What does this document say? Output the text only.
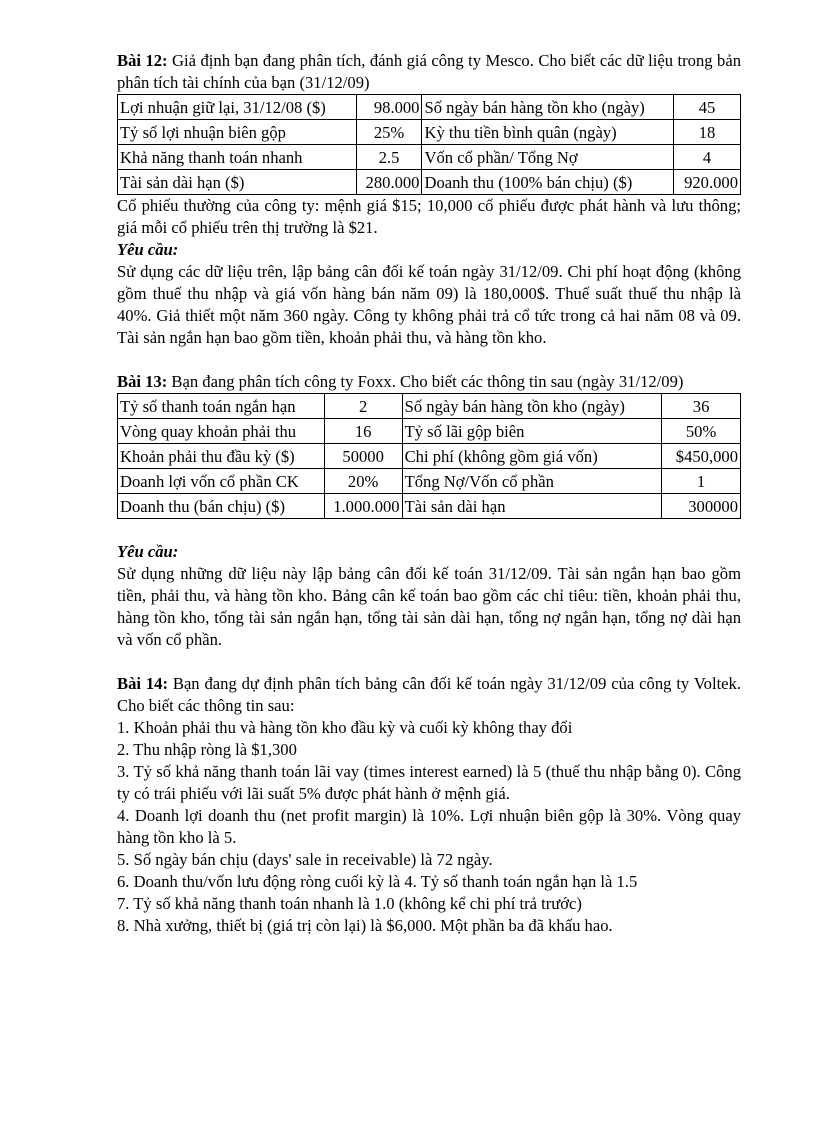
Bài 12: Giả định bạn đang phân tích, đánh giá công ty Mesco. Cho biết các dữ liệu trong bản phân tích tài chính của bạn (31/12/09)

Lợi nhuận giữ lại, 31/12/08 ($)	98.000	Số ngày bán hàng tồn kho (ngày)	45
Tỷ số lợi nhuận biên gộp	25%	Kỳ thu tiền bình quân (ngày)	18
Khả năng thanh toán nhanh	2.5	Vốn cổ phần/ Tổng Nợ	4
Tài sản dài hạn ($)	280.000	Doanh thu (100% bán chịu) ($)	920.000

Cổ phiếu thường của công ty: mệnh giá $15; 10,000 cổ phiếu được phát hành và lưu thông; giá mỗi cổ phiếu trên thị trường là $21.

Yêu cầu:

Sử dụng các dữ liệu trên, lập bảng cân đối kế toán ngày 31/12/09. Chi phí hoạt động (không gồm thuế thu nhập và giá vốn hàng bán năm 09) là 180,000$. Thuế suất thuế thu nhập là 40%. Giả thiết một năm 360 ngày. Công ty không phải trả cổ tức trong cả hai năm 08 và 09. Tài sản ngắn hạn bao gồm tiền, khoản phải thu, và hàng tồn kho.

Bài 13: Bạn đang phân tích công ty Foxx. Cho biết các thông tin sau (ngày 31/12/09)

Tỷ số thanh toán ngắn hạn	2	Số ngày bán hàng tồn kho (ngày)	36
Vòng quay khoản phải thu	16	Tỷ số lãi gộp biên	50%
Khoản phải thu đầu kỳ ($)	50000	Chi phí (không gồm giá vốn)	$450,000
Doanh lợi vốn cổ phần CK	20%	Tổng Nợ/Vốn cổ phần	1
Doanh thu (bán chịu) ($)	1.000.000	Tài sản dài hạn	300000

Yêu cầu:

Sử dụng những dữ liệu này lập bảng cân đối kế toán 31/12/09. Tài sản ngắn hạn bao gồm tiền, phải thu, và hàng tồn kho. Bảng cân kế toán bao gồm các chỉ tiêu: tiền, khoản phải thu, hàng tồn kho, tổng tài sản ngắn hạn, tổng tài sản dài hạn, tổng nợ ngắn hạn, tổng nợ dài hạn và vốn cổ phần.

Bài 14: Bạn đang dự định phân tích bảng cân đối kế toán ngày 31/12/09 của công ty Voltek. Cho biết các thông tin sau:

1. Khoản phải thu và hàng tồn kho đầu kỳ và cuối kỳ không thay đổi
2. Thu nhập ròng là $1,300
3. Tỷ số khả năng thanh toán lãi vay (times interest earned) là 5 (thuế thu nhập bằng 0). Công ty có trái phiếu với lãi suất 5% được phát hành ở mệnh giá.
4. Doanh lợi doanh thu (net profit margin) là 10%. Lợi nhuận biên gộp là 30%. Vòng quay hàng tồn kho là 5.
5. Số ngày bán chịu (days' sale in receivable) là 72 ngày.
6. Doanh thu/vốn lưu động ròng cuối kỳ là 4. Tỷ số thanh toán ngắn hạn là 1.5
7. Tỷ số khả năng thanh toán nhanh là 1.0 (không kể chi phí trả trước)
8. Nhà xưởng, thiết bị (giá trị còn lại) là $6,000. Một phần ba đã khấu hao.
